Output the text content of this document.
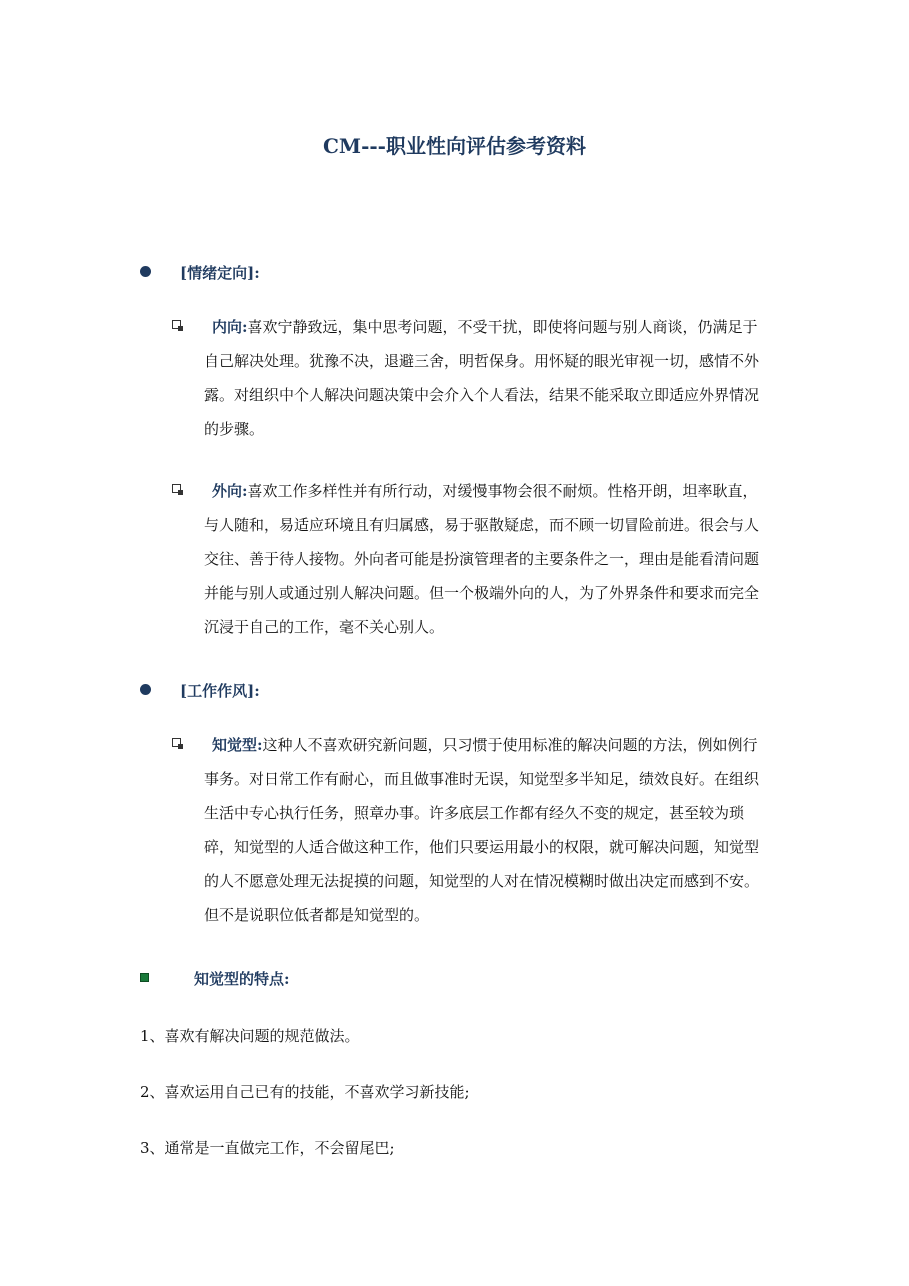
CM---职业性向评估参考资料
[情绪定向]:
内向:喜欢宁静致远，集中思考问题，不受干扰，即使将问题与别人商谈，仍满足于自己解决处理。犹豫不决，退避三舍，明哲保身。用怀疑的眼光审视一切，感情不外露。对组织中个人解决问题决策中会介入个人看法，结果不能采取立即适应外界情况的步骤。
外向:喜欢工作多样性并有所行动，对缓慢事物会很不耐烦。性格开朗，坦率耿直，与人随和，易适应环境且有归属感，易于驱散疑虑，而不顾一切冒险前进。很会与人交往、善于待人接物。外向者可能是扮演管理者的主要条件之一，理由是能看清问题并能与别人或通过别人解决问题。但一个极端外向的人，为了外界条件和要求而完全沉浸于自己的工作，毫不关心别人。
[工作作风]:
知觉型:这种人不喜欢研究新问题，只习惯于使用标准的解决问题的方法，例如例行事务。对日常工作有耐心，而且做事准时无误，知觉型多半知足，绩效良好。在组织生活中专心执行任务，照章办事。许多底层工作都有经久不变的规定，甚至较为琐碎，知觉型的人适合做这种工作，他们只要运用最小的权限，就可解决问题，知觉型的人不愿意处理无法捉摸的问题，知觉型的人对在情况模糊时做出决定而感到不安。但不是说职位低者都是知觉型的。
知觉型的特点:
1、喜欢有解决问题的规范做法。
2、喜欢运用自己已有的技能，不喜欢学习新技能;
3、通常是一直做完工作，不会留尾巴;
